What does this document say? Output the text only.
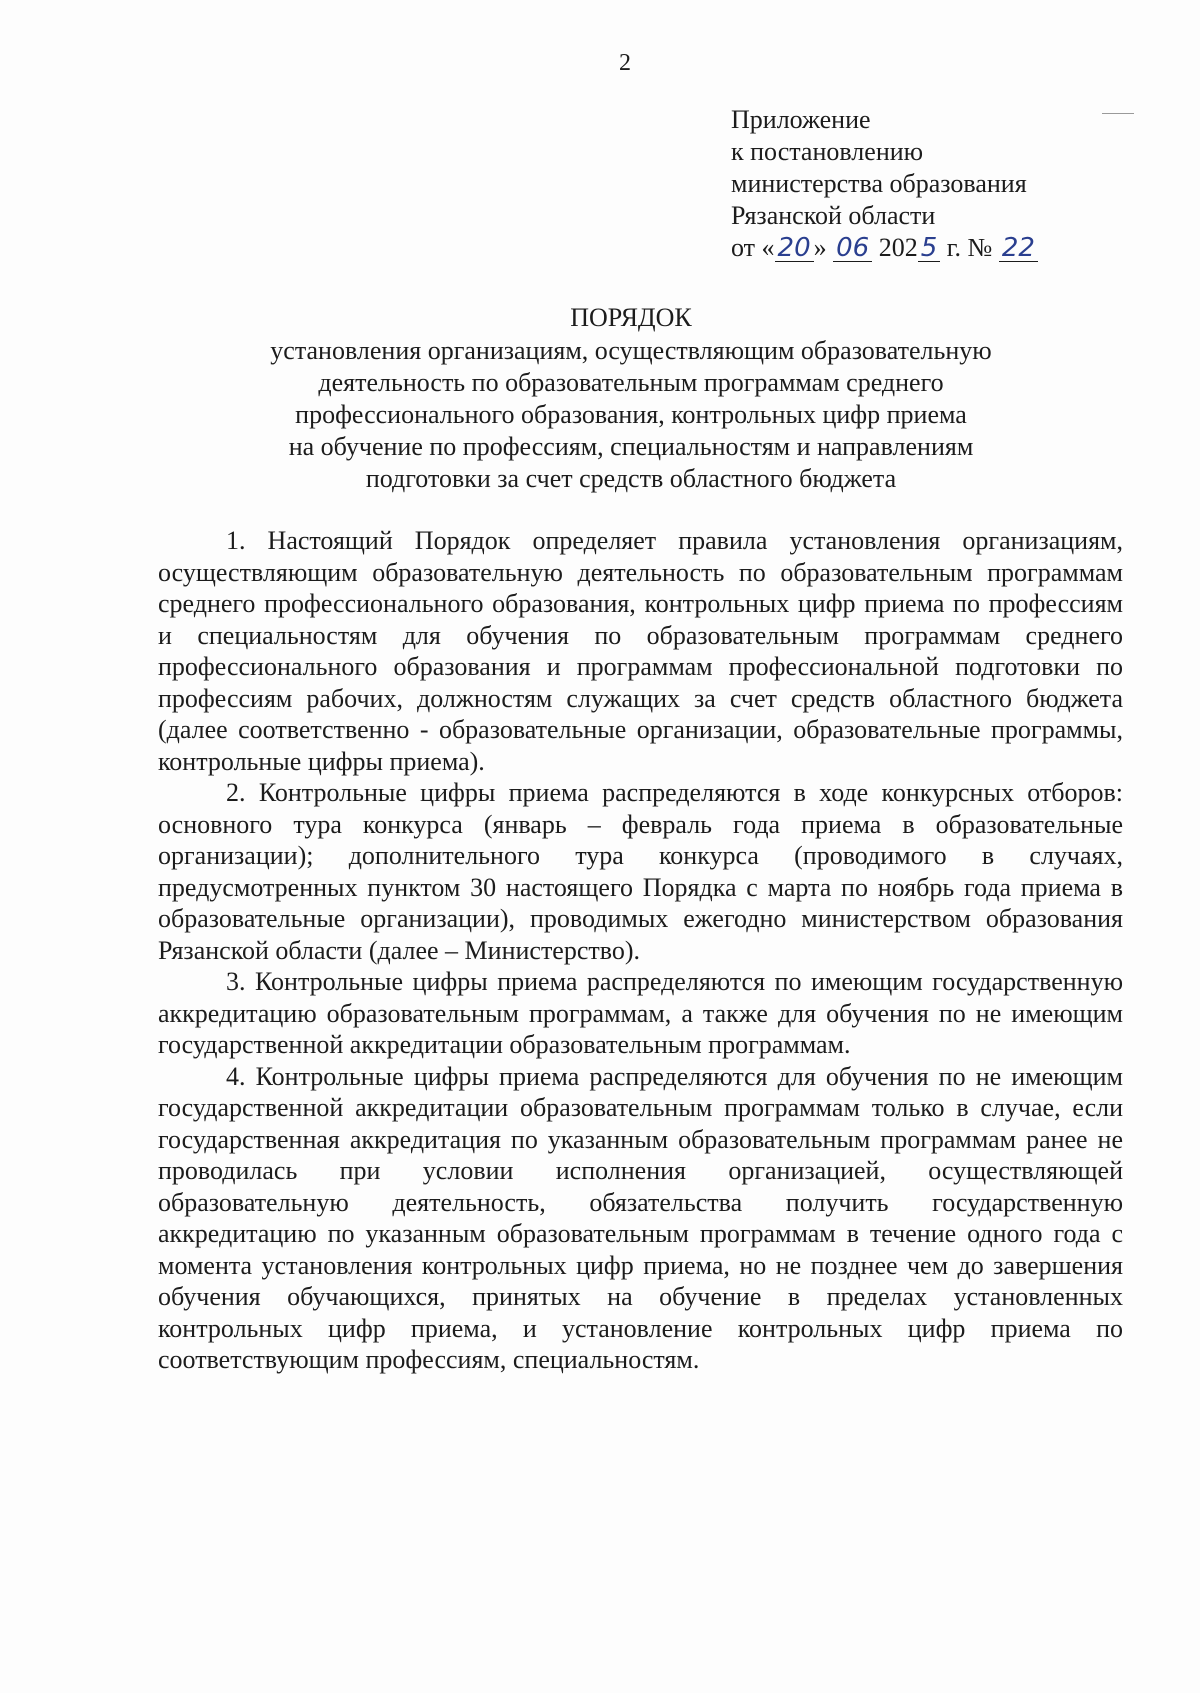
2
Приложение
к постановлению
министерства образования
Рязанской области
от « 20 » 06 202 5 г. № 22
ПОРЯДОК
установления организациям, осуществляющим образовательную
деятельность по образовательным программам среднего
профессионального образования, контрольных цифр приема
на обучение по профессиям, специальностям и направлениям
подготовки за счет средств областного бюджета

1. Настоящий Порядок определяет правила установления организациям, осуществляющим образовательную деятельность по образовательным программам среднего профессионального образования, контрольных цифр приема по профессиям и специальностям для обучения по образовательным программам среднего профессионального образования и программам профессиональной подготовки по профессиям рабочих, должностям служащих за счет средств областного бюджета (далее соответственно - образовательные организации, образовательные программы, контрольные цифры приема).

2. Контрольные цифры приема распределяются в ходе конкурсных отборов: основного тура конкурса (январь – февраль года приема в образовательные организации); дополнительного тура конкурса (проводимого в случаях, предусмотренных пунктом 30 настоящего Порядка с марта по ноябрь года приема в образовательные организации), проводимых ежегодно министерством образования Рязанской области (далее – Министерство).

3. Контрольные цифры приема распределяются по имеющим государственную аккредитацию образовательным программам, а также для обучения по не имеющим государственной аккредитации образовательным программам.

4. Контрольные цифры приема распределяются для обучения по не имеющим государственной аккредитации образовательным программам только в случае, если государственная аккредитация по указанным образовательным программам ранее не проводилась при условии исполнения организацией, осуществляющей образовательную деятельность, обязательства получить государственную аккредитацию по указанным образовательным программам в течение одного года с момента установления контрольных цифр приема, но не позднее чем до завершения обучения обучающихся, принятых на обучение в пределах установленных контрольных цифр приема, и установление контрольных цифр приема по соответствующим профессиям, специальностям.
